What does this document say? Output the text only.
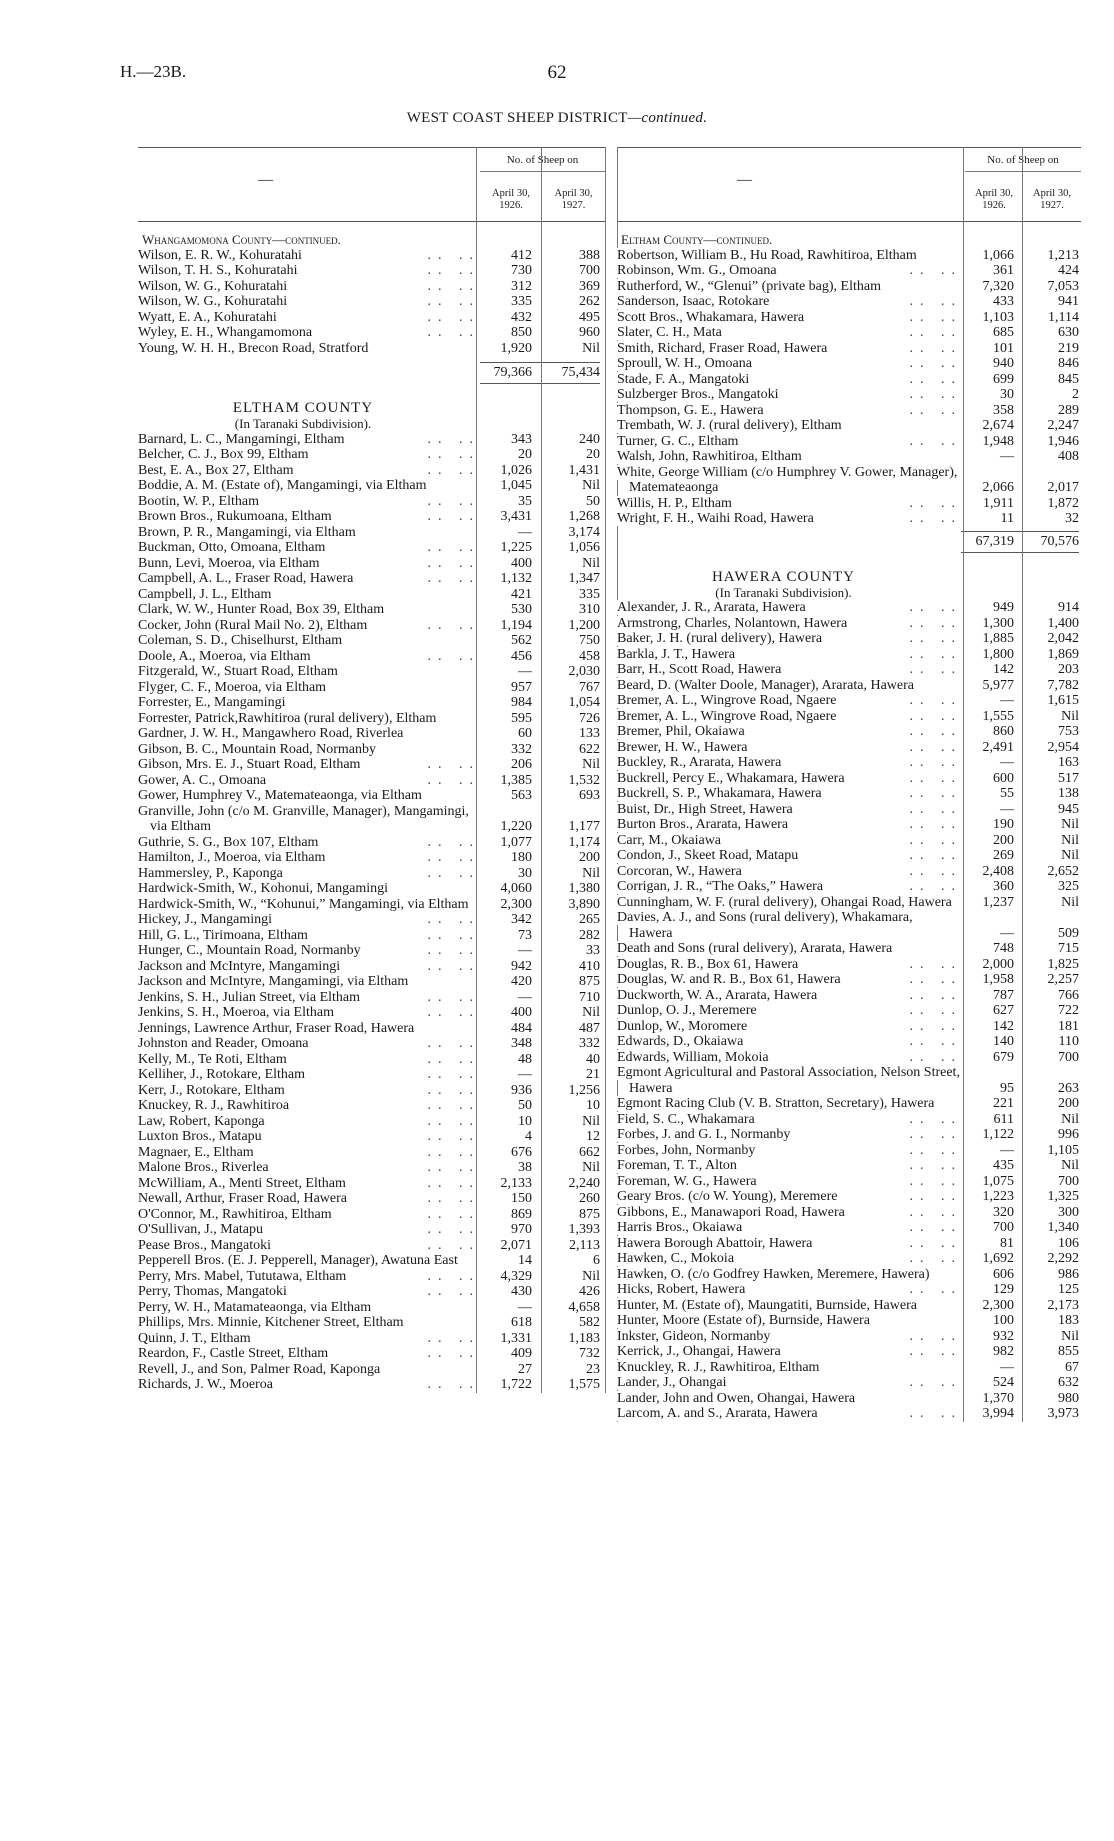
H.—23B.	62
WEST COAST SHEEP DISTRICT—continued.
—
No. of Sheep on
April 30, 1926.
April 30, 1927.
Whangamomona County—continued.
Wilson, E. R. W., Kohuratahi	.. ..	412	388
Wilson, T. H. S., Kohuratahi	.. ..	730	700
Wilson, W. G., Kohuratahi	.. ..	312	369
Wilson, W. G., Kohuratahi	.. ..	335	262
Wyatt, E. A., Kohuratahi	.. ..	432	495
Wyley, E. H., Whangamomona	.. ..	850	960
Young, W. H. H., Brecon Road, Stratford	1,920	Nil
79,366	75,434
ELTHAM COUNTY
(In Taranaki Subdivision).
Barnard, L. C., Mangamingi, Eltham	.. ..	343	240
Belcher, C. J., Box 99, Eltham	.. ..	20	20
Best, E. A., Box 27, Eltham	.. ..	1,026	1,431
Boddie, A. M. (Estate of), Mangamingi, via Eltham	1,045	Nil
Bootin, W. P., Eltham	.. ..	35	50
Brown Bros., Rukumoana, Eltham	.. ..	3,431	1,268
Brown, P. R., Mangamingi, via Eltham	—	3,174
Buckman, Otto, Omoana, Eltham	.. ..	1,225	1,056
Bunn, Levi, Moeroa, via Eltham	.. ..	400	Nil
Campbell, A. L., Fraser Road, Hawera	.. ..	1,132	1,347
Campbell, J. L., Eltham	421	335
Clark, W. W., Hunter Road, Box 39, Eltham	530	310
Cocker, John (Rural Mail No. 2), Eltham	.. ..	1,194	1,200
Coleman, S. D., Chiselhurst, Eltham	562	750
Doole, A., Moeroa, via Eltham	.. ..	456	458
Fitzgerald, W., Stuart Road, Eltham	—	2,030
Flyger, C. F., Moeroa, via Eltham	957	767
Forrester, E., Mangamingi	984	1,054
Forrester, Patrick,Rawhitiroa (rural delivery), Eltham	595	726
Gardner, J. W. H., Mangawhero Road, Riverlea	60	133
Gibson, B. C., Mountain Road, Normanby	332	622
Gibson, Mrs. E. J., Stuart Road, Eltham	.. ..	206	Nil
Gower, A. C., Omoana	.. ..	1,385	1,532
Gower, Humphrey V., Matemateaonga, via Eltham	563	693
Granville, John (c/o M. Granville, Manager), Mangamingi, via Eltham	1,220	1,177
Guthrie, S. G., Box 107, Eltham	.. ..	1,077	1,174
Hamilton, J., Moeroa, via Eltham	.. ..	180	200
Hammersley, P., Kaponga	.. ..	30	Nil
Hardwick-Smith, W., Kohonui, Mangamingi	4,060	1,380
Hardwick-Smith, W., “Kohunui,” Mangamingi, via Eltham	2,300	3,890
Hickey, J., Mangamingi	.. ..	342	265
Hill, G. L., Tirimoana, Eltham	.. ..	73	282
Hunger, C., Mountain Road, Normanby	.. ..	—	33
Jackson and McIntyre, Mangamingi	.. ..	942	410
Jackson and McIntyre, Mangamingi, via Eltham	420	875
Jenkins, S. H., Julian Street, via Eltham	.. ..	—	710
Jenkins, S. H., Moeroa, via Eltham	.. ..	400	Nil
Jennings, Lawrence Arthur, Fraser Road, Hawera	484	487
Johnston and Reader, Omoana	.. ..	348	332
Kelly, M., Te Roti, Eltham	.. ..	48	40
Kelliher, J., Rotokare, Eltham	.. ..	—	21
Kerr, J., Rotokare, Eltham	.. ..	936	1,256
Knuckey, R. J., Rawhitiroa	.. ..	50	10
Law, Robert, Kaponga	.. ..	10	Nil
Luxton Bros., Matapu	.. ..	4	12
Magnaer, E., Eltham	.. ..	676	662
Malone Bros., Riverlea	.. ..	38	Nil
McWilliam, A., Menti Street, Eltham	.. ..	2,133	2,240
Newall, Arthur, Fraser Road, Hawera	.. ..	150	260
O'Connor, M., Rawhitiroa, Eltham	.. ..	869	875
O'Sullivan, J., Matapu	.. ..	970	1,393
Pease Bros., Mangatoki	.. ..	2,071	2,113
Pepperell Bros. (E. J. Pepperell, Manager), Awatuna East	14	6
Perry, Mrs. Mabel, Tututawa, Eltham	.. ..	4,329	Nil
Perry, Thomas, Mangatoki	.. ..	430	426
Perry, W. H., Matamateaonga, via Eltham	—	4,658
Phillips, Mrs. Minnie, Kitchener Street, Eltham	618	582
Quinn, J. T., Eltham	.. ..	1,331	1,183
Reardon, F., Castle Street, Eltham	.. ..	409	732
Revell, J., and Son, Palmer Road, Kaponga	27	23
Richards, J. W., Moeroa	.. ..	1,722	1,575
—
No. of Sheep on
April 30, 1926.
April 30, 1927.
Eltham County—continued.
Robertson, William B., Hu Road, Rawhitiroa, Eltham	1,066	1,213
Robinson, Wm. G., Omoana	.. ..	361	424
Rutherford, W., “Glenui” (private bag), Eltham	7,320	7,053
Sanderson, Isaac, Rotokare	.. ..	433	941
Scott Bros., Whakamara, Hawera	.. ..	1,103	1,114
Slater, C. H., Mata	.. ..	685	630
Smith, Richard, Fraser Road, Hawera	.. ..	101	219
Sproull, W. H., Omoana	.. ..	940	846
Stade, F. A., Mangatoki	.. ..	699	845
Sulzberger Bros., Mangatoki	.. ..	30	2
Thompson, G. E., Hawera	.. ..	358	289
Trembath, W. J. (rural delivery), Eltham	2,674	2,247
Turner, G. C., Eltham	.. ..	1,948	1,946
Walsh, John, Rawhitiroa, Eltham	—	408
White, George William (c/o Humphrey V. Gower, Manager), Matemateaonga	2,066	2,017
Willis, H. P., Eltham	.. ..	1,911	1,872
Wright, F. H., Waihi Road, Hawera	.. ..	11	32
67,319	70,576
HAWERA COUNTY
(In Taranaki Subdivision).
Alexander, J. R., Ararata, Hawera	.. ..	949	914
Armstrong, Charles, Nolantown, Hawera	.. ..	1,300	1,400
Baker, J. H. (rural delivery), Hawera	.. ..	1,885	2,042
Barkla, J. T., Hawera	.. ..	1,800	1,869
Barr, H., Scott Road, Hawera	.. ..	142	203
Beard, D. (Walter Doole, Manager), Ararata, Hawera	5,977	7,782
Bremer, A. L., Wingrove Road, Ngaere	.. ..	—	1,615
Bremer, A. L., Wingrove Road, Ngaere	.. ..	1,555	Nil
Bremer, Phil, Okaiawa	.. ..	860	753
Brewer, H. W., Hawera	.. ..	2,491	2,954
Buckley, R., Ararata, Hawera	.. ..	—	163
Buckrell, Percy E., Whakamara, Hawera	.. ..	600	517
Buckrell, S. P., Whakamara, Hawera	.. ..	55	138
Buist, Dr., High Street, Hawera	.. ..	—	945
Burton Bros., Ararata, Hawera	.. ..	190	Nil
Carr, M., Okaiawa	.. ..	200	Nil
Condon, J., Skeet Road, Matapu	.. ..	269	Nil
Corcoran, W., Hawera	.. ..	2,408	2,652
Corrigan, J. R., “The Oaks,” Hawera	.. ..	360	325
Cunningham, W. F. (rural delivery), Ohangai Road, Hawera	1,237	Nil
Davies, A. J., and Sons (rural delivery), Whakamara, Hawera	—	509
Death and Sons (rural delivery), Ararata, Hawera	748	715
Douglas, R. B., Box 61, Hawera	.. ..	2,000	1,825
Douglas, W. and R. B., Box 61, Hawera	.. ..	1,958	2,257
Duckworth, W. A., Ararata, Hawera	.. ..	787	766
Dunlop, O. J., Meremere	.. ..	627	722
Dunlop, W., Moromere	.. ..	142	181
Edwards, D., Okaiawa	.. ..	140	110
Edwards, William, Mokoia	.. ..	679	700
Egmont Agricultural and Pastoral Association, Nelson Street, Hawera	95	263
Egmont Racing Club (V. B. Stratton, Secretary), Hawera	221	200
Field, S. C., Whakamara	.. ..	611	Nil
Forbes, J. and G. I., Normanby	.. ..	1,122	996
Forbes, John, Normanby	.. ..	—	1,105
Foreman, T. T., Alton	.. ..	435	Nil
Foreman, W. G., Hawera	.. ..	1,075	700
Geary Bros. (c/o W. Young), Meremere	.. ..	1,223	1,325
Gibbons, E., Manawapori Road, Hawera	.. ..	320	300
Harris Bros., Okaiawa	.. ..	700	1,340
Hawera Borough Abattoir, Hawera	.. ..	81	106
Hawken, C., Mokoia	.. ..	1,692	2,292
Hawken, O. (c/o Godfrey Hawken, Meremere, Hawera)	606	986
Hicks, Robert, Hawera	.. ..	129	125
Hunter, M. (Estate of), Maungatiti, Burnside, Hawera	2,300	2,173
Hunter, Moore (Estate of), Burnside, Hawera	100	183
Inkster, Gideon, Normanby	.. ..	932	Nil
Kerrick, J., Ohangai, Hawera	.. ..	982	855
Knuckley, R. J., Rawhitiroa, Eltham	—	67
Lander, J., Ohangai	.. ..	524	632
Lander, John and Owen, Ohangai, Hawera	1,370	980
Larcom, A. and S., Ararata, Hawera	.. ..	3,994	3,973
